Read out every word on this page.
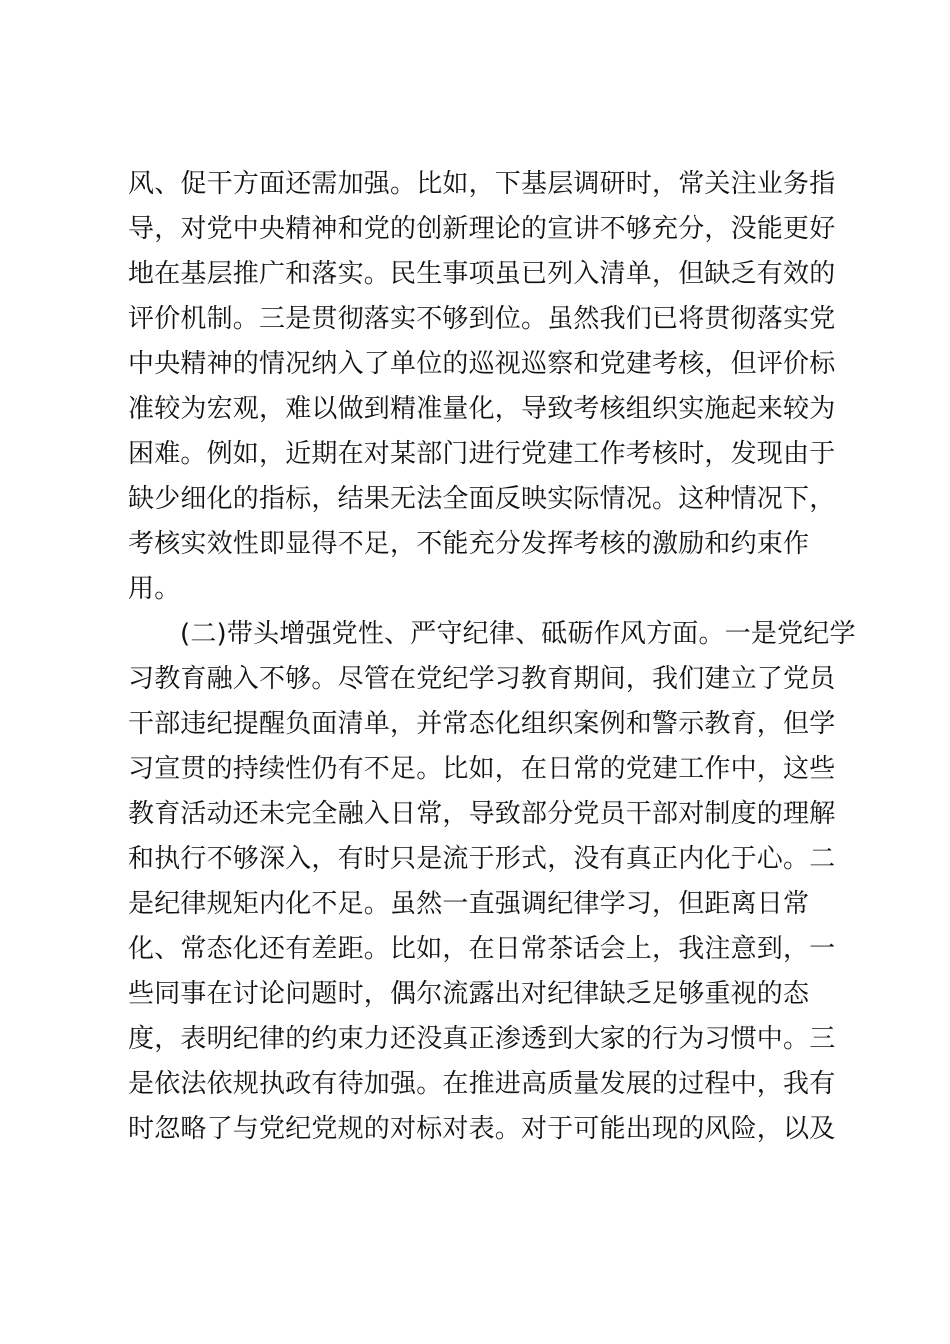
风、促干方面还需加强。比如，下基层调研时，常关注业务指
导，对党中央精神和党的创新理论的宣讲不够充分，没能更好
地在基层推广和落实。民生事项虽已列入清单，但缺乏有效的
评价机制。三是贯彻落实不够到位。虽然我们已将贯彻落实党
中央精神的情况纳入了单位的巡视巡察和党建考核，但评价标
准较为宏观，难以做到精准量化，导致考核组织实施起来较为
困难。例如，近期在对某部门进行党建工作考核时，发现由于
缺少细化的指标，结果无法全面反映实际情况。这种情况下，
考核实效性即显得不足，不能充分发挥考核的激励和约束作
用。
(二)带头增强党性、严守纪律、砥砺作风方面。一是党纪学
习教育融入不够。尽管在党纪学习教育期间，我们建立了党员
干部违纪提醒负面清单，并常态化组织案例和警示教育，但学
习宣贯的持续性仍有不足。比如，在日常的党建工作中，这些
教育活动还未完全融入日常，导致部分党员干部对制度的理解
和执行不够深入，有时只是流于形式，没有真正内化于心。二
是纪律规矩内化不足。虽然一直强调纪律学习，但距离日常
化、常态化还有差距。比如，在日常茶话会上，我注意到，一
些同事在讨论问题时，偶尔流露出对纪律缺乏足够重视的态
度，表明纪律的约束力还没真正渗透到大家的行为习惯中。三
是依法依规执政有待加强。在推进高质量发展的过程中，我有
时忽略了与党纪党规的对标对表。对于可能出现的风险，以及
